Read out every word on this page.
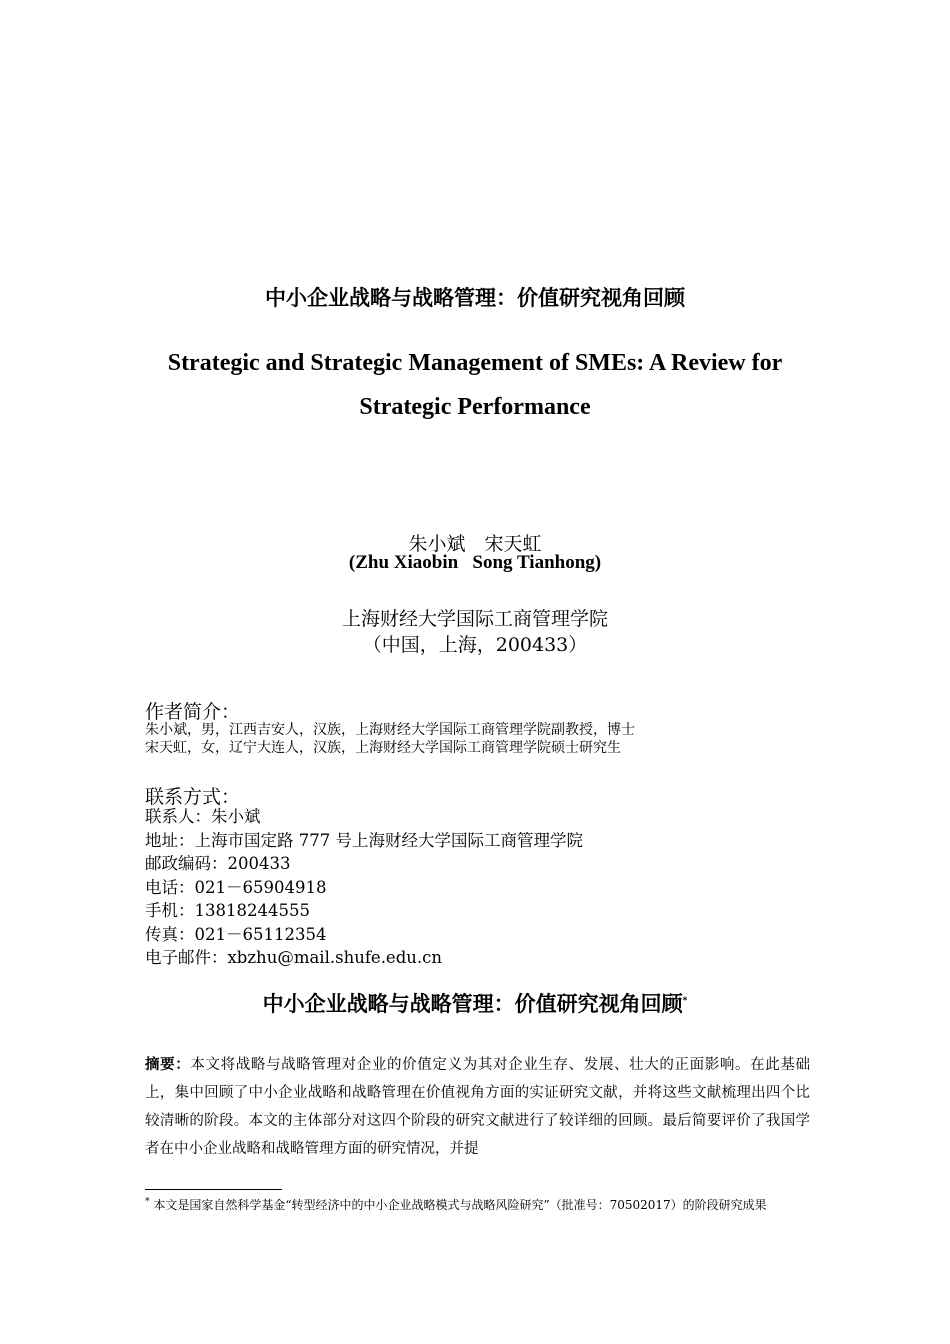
中小企业战略与战略管理：价值研究视角回顾
Strategic and Strategic Management of SMEs: A Review for
Strategic Performance
朱小斌　宋天虹
(Zhu Xiaobin   Song Tianhong)
上海财经大学国际工商管理学院
（中国，上海，200433）
作者简介：
朱小斌，男，江西吉安人，汉族，上海财经大学国际工商管理学院副教授，博士
宋天虹，女，辽宁大连人，汉族，上海财经大学国际工商管理学院硕士研究生
联系方式：
联系人：朱小斌
地址：上海市国定路 777 号上海财经大学国际工商管理学院
邮政编码：200433
电话：021－65904918
手机：13818244555
传真：021－65112354
电子邮件：xbzhu@mail.shufe.edu.cn
中小企业战略与战略管理：价值研究视角回顾*
摘要：本文将战略与战略管理对企业的价值定义为其对企业生存、发展、壮大的正面影响。在此基础上，集中回顾了中小企业战略和战略管理在价值视角方面的实证研究文献，并将这些文献梳理出四个比较清晰的阶段。本文的主体部分对这四个阶段的研究文献进行了较详细的回顾。最后简要评价了我国学者在中小企业战略和战略管理方面的研究情况，并提
* 本文是国家自然科学基金“转型经济中的中小企业战略模式与战略风险研究”（批准号：70502017）的阶段研究成果
